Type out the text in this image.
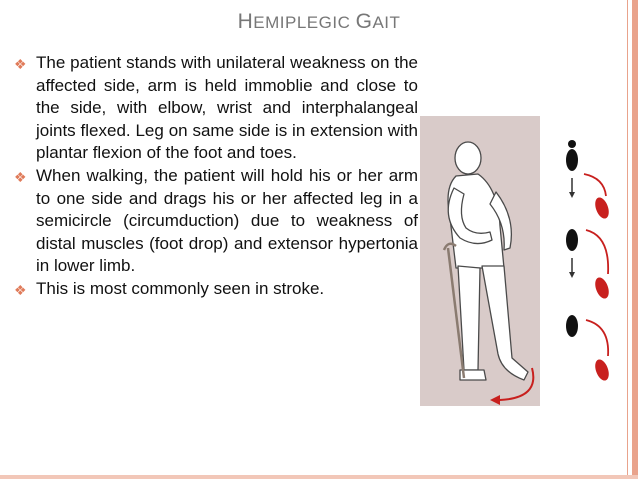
HEMIPLEGIC GAIT
❖ The patient stands with unilateral weakness on the affected side, arm is held immoblie and close to the side, with elbow, wrist and interphalangeal joints flexed. Leg on same side is in extension with plantar flexion of the foot and toes.
❖ When walking, the patient will hold his or her arm to one side and drags his or her affected leg in a semicircle (circumduction) due to weakness of distal muscles (foot drop) and extensor hypertonia in lower limb.
❖ This is most commonly seen in stroke.
